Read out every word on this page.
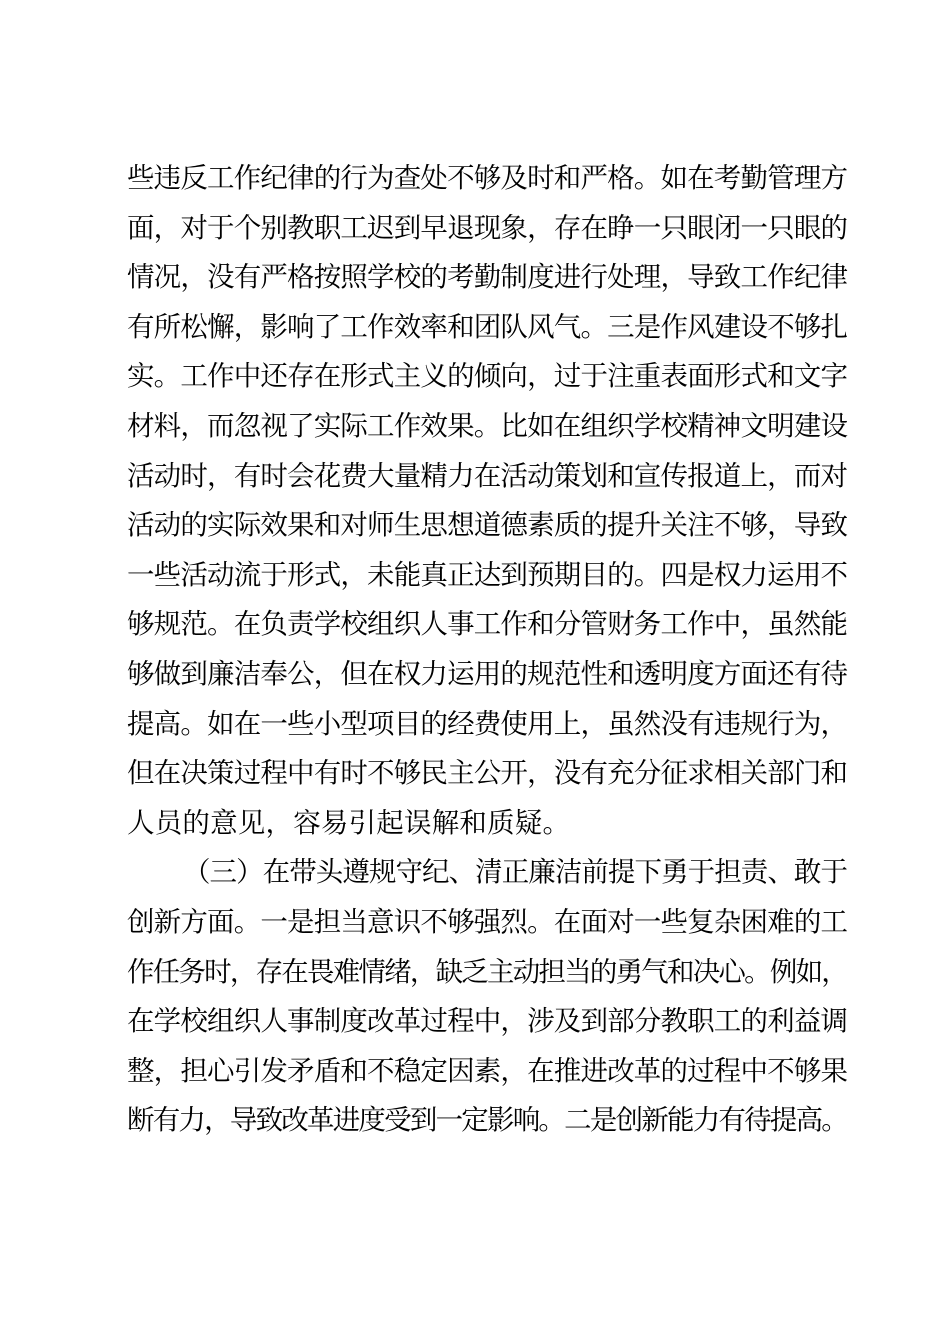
些违反工作纪律的行为查处不够及时和严格。如在考勤管理方
面，对于个别教职工迟到早退现象，存在睁一只眼闭一只眼的
情况，没有严格按照学校的考勤制度进行处理，导致工作纪律
有所松懈，影响了工作效率和团队风气。三是作风建设不够扎
实。工作中还存在形式主义的倾向，过于注重表面形式和文字
材料，而忽视了实际工作效果。比如在组织学校精神文明建设
活动时，有时会花费大量精力在活动策划和宣传报道上，而对
活动的实际效果和对师生思想道德素质的提升关注不够，导致
一些活动流于形式，未能真正达到预期目的。四是权力运用不
够规范。在负责学校组织人事工作和分管财务工作中，虽然能
够做到廉洁奉公，但在权力运用的规范性和透明度方面还有待
提高。如在一些小型项目的经费使用上，虽然没有违规行为，
但在决策过程中有时不够民主公开，没有充分征求相关部门和
人员的意见，容易引起误解和质疑。

（三）在带头遵规守纪、清正廉洁前提下勇于担责、敢于
创新方面。一是担当意识不够强烈。在面对一些复杂困难的工
作任务时，存在畏难情绪，缺乏主动担当的勇气和决心。例如，
在学校组织人事制度改革过程中，涉及到部分教职工的利益调
整，担心引发矛盾和不稳定因素，在推进改革的过程中不够果
断有力，导致改革进度受到一定影响。二是创新能力有待提高。
